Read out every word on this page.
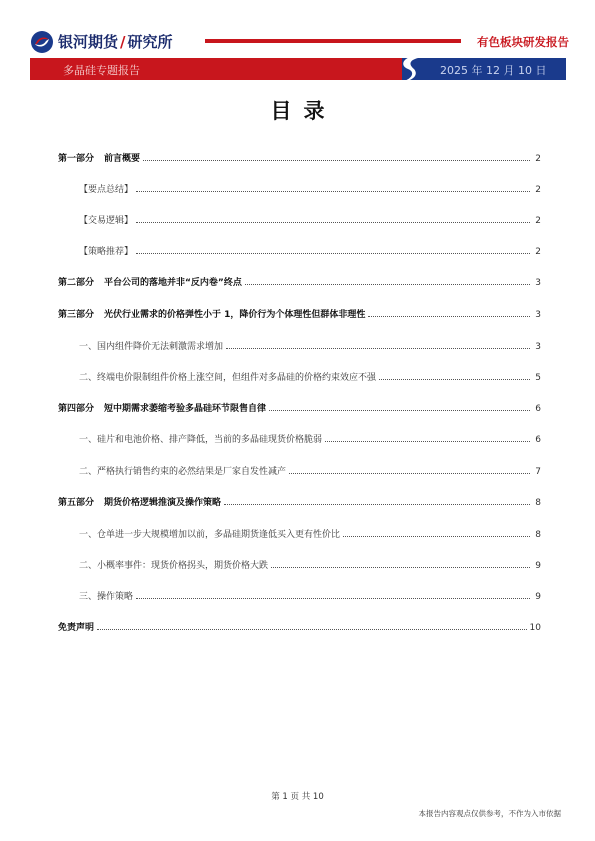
银河期货 / 研究所	有色板块研发报告
多晶硅专题报告	2025 年 12 月 10 日
目录
第一部分 前言概要	2
【要点总结】	2
【交易逻辑】	2
【策略推荐】	2
第二部分 平台公司的落地并非“反内卷”终点	3
第三部分 光伏行业需求的价格弹性小于 1，降价行为个体理性但群体非理性	3
一、国内组件降价无法刺激需求增加	3
二、终端电价限制组件价格上涨空间，但组件对多晶硅的价格约束效应不强	5
第四部分 短中期需求萎缩考验多晶硅环节限售自律	6
一、硅片和电池价格、排产降低，当前的多晶硅现货价格脆弱	6
二、严格执行销售约束的必然结果是厂家自发性减产	7
第五部分 期货价格逻辑推演及操作策略	8
一、仓单进一步大规模增加以前，多晶硅期货逢低买入更有性价比	8
二、小概率事件：现货价格拐头，期货价格大跌	9
三、操作策略	9
免责声明	10
第 1 页 共 10
本报告内容观点仅供参考，不作为入市依据
